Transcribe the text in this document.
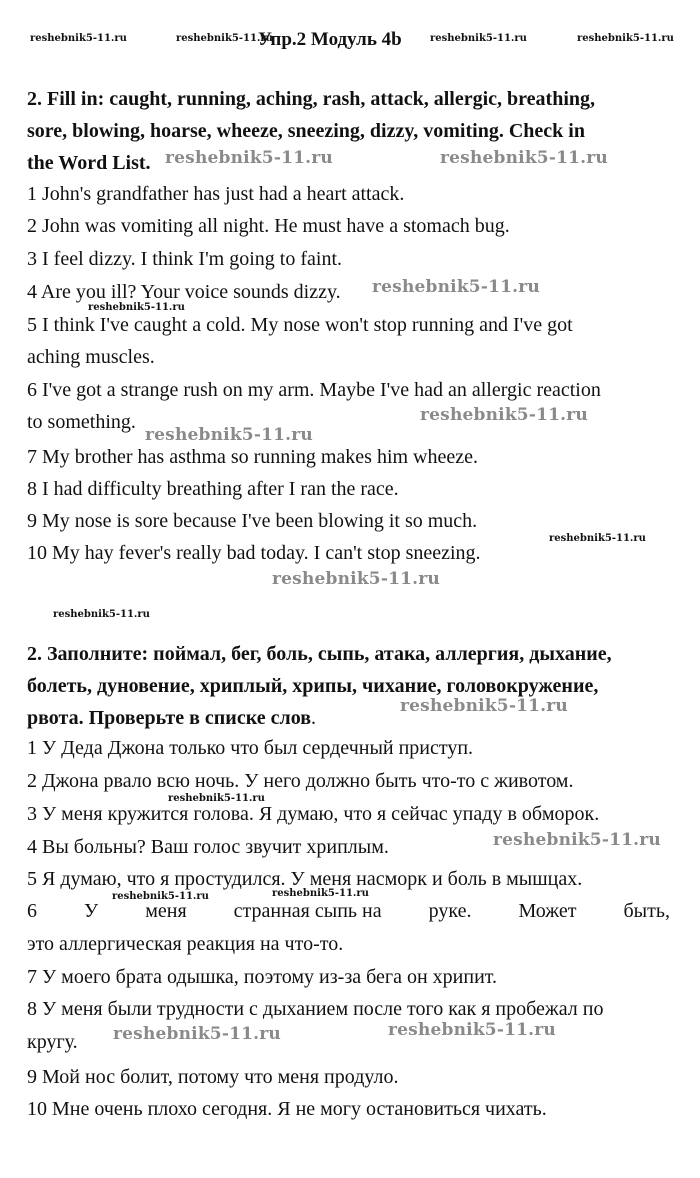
reshebnik5-11.ru	reshebnik5-11.ru
Упр.2 Модуль 4b	reshebnik5-11.ru	reshebnik5-11.ru
2. Fill in: caught, running, aching, rash, attack, allergic, breathing,
sore, blowing, hoarse, wheeze, sneezing, dizzy, vomiting. Check in
the Word List.
1 John's grandfather has just had a heart attack.
2 John was vomiting all night. He must have a stomach bug.
3 I feel dizzy. I think I'm going to faint.
4 Are you ill? Your voice sounds dizzy.
5 I think I've caught a cold. My nose won't stop running and I've got
aching muscles.
6 I've got a strange rush on my arm. Maybe I've had an allergic reaction
to something.
7 My brother has asthma so running makes him wheeze.
8 I had difficulty breathing after I ran the race.
9 My nose is sore because I've been blowing it so much.
10 My hay fever's really bad today. I can't stop sneezing.
reshebnik5-11.ru	reshebnik5-11.ru
reshebnik5-11.ru
reshebnik5-11.ru
reshebnik5-11.ru
reshebnik5-11.ru
reshebnik5-11.ru
reshebnik5-11.ru
reshebnik5-11.ru
2. Заполните: поймал, бег, боль, сыпь, атака, аллергия, дыхание,
болеть, дуновение, хриплый, хрипы, чихание, головокружение,
рвота. Проверьте в списке слов.
1 У Деда Джона только что был сердечный приступ.
2 Джона рвало всю ночь. У него должно быть что-то с животом.
3 У меня кружится голова. Я думаю, что я сейчас упаду в обморок.
4 Вы больны? Ваш голос звучит хриплым.
5 Я думаю, что я простудился. У меня насморк и боль в мышцах.
6 У меня странная сыпь на руке. Может быть,
это аллергическая реакция на что-то.
7 У моего брата одышка, поэтому из-за бега он хрипит.
8 У меня были трудности с дыханием после того как я пробежал по
кругу.
9 Мой нос болит, потому что меня продуло.
10 Мне очень плохо сегодня. Я не могу остановиться чихать.
reshebnik5-11.ru
reshebnik5-11.ru
reshebnik5-11.ru
reshebnik5-11.ru	reshebnik5-11.ru
reshebnik5-11.ru	reshebnik5-11.ru
